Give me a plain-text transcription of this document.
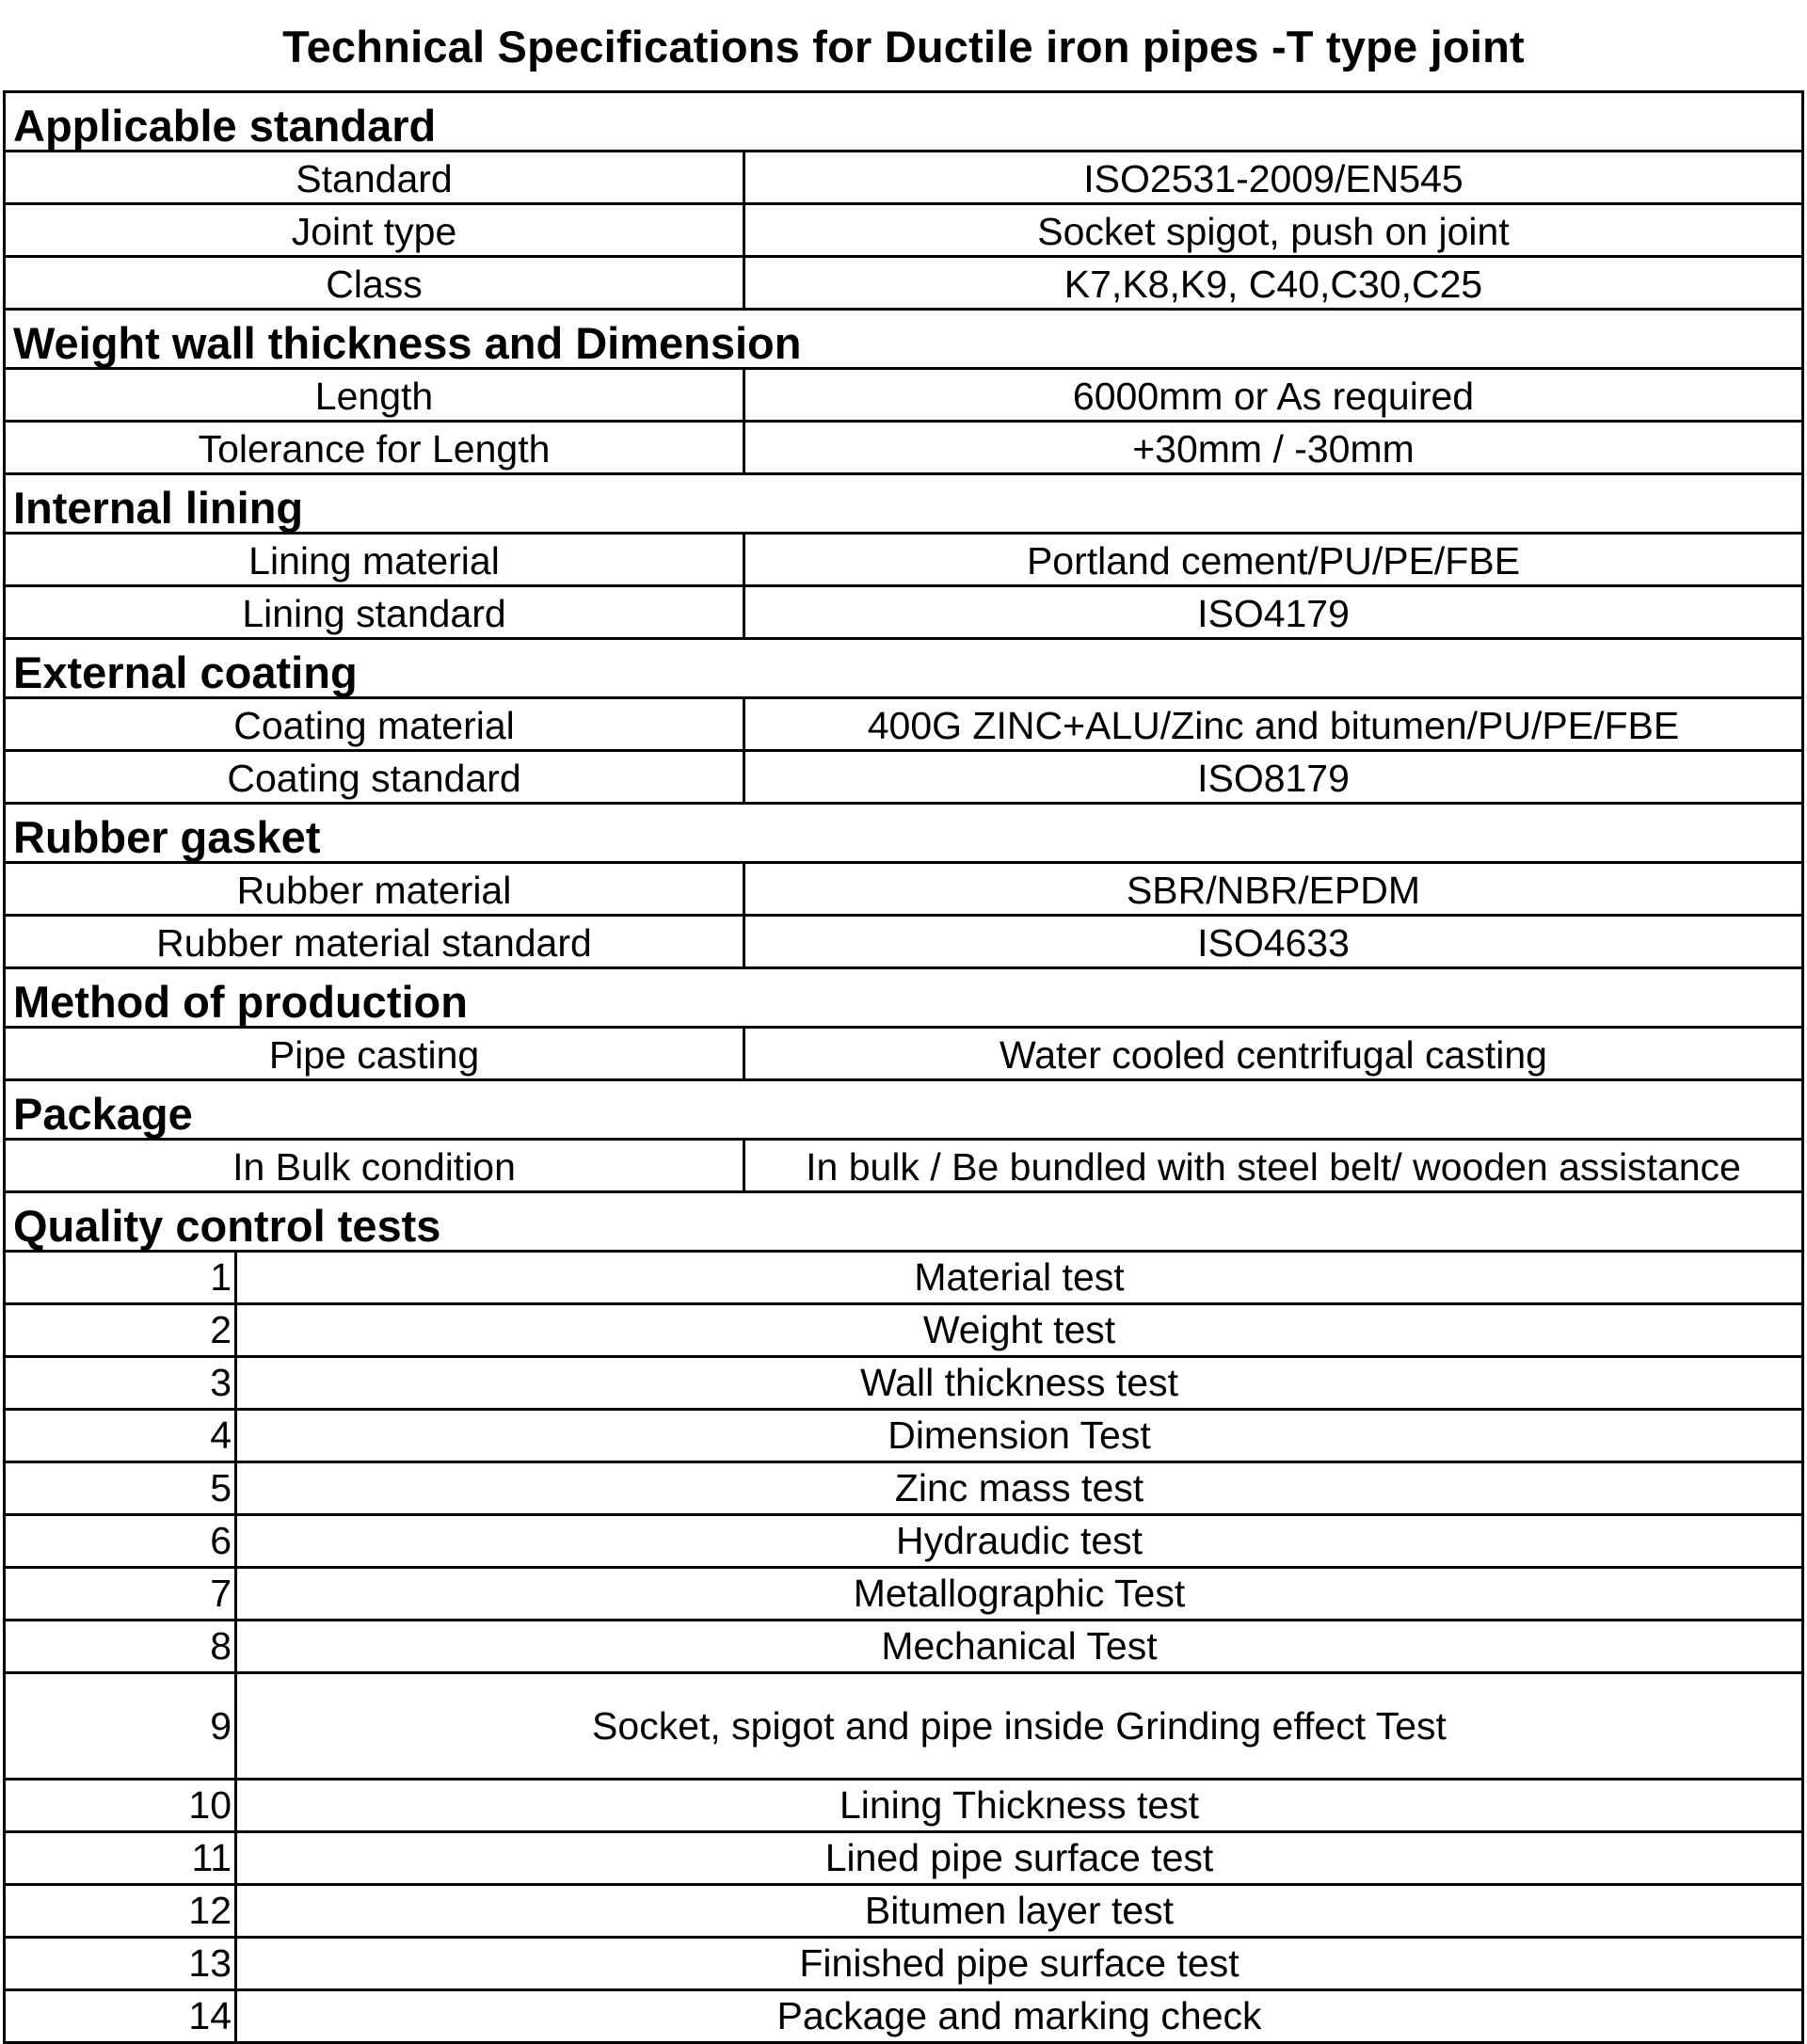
Technical Specifications for Ductile iron pipes -T type joint
Applicable standard
Standard	ISO2531-2009/EN545
Joint type	Socket spigot, push on joint
Class	K7,K8,K9, C40,C30,C25
Weight wall thickness and Dimension
Length	6000mm or As required
Tolerance for Length	+30mm / -30mm
Internal lining
Lining material	Portland cement/PU/PE/FBE
Lining standard	ISO4179
External coating
Coating material	400G ZINC+ALU/Zinc and bitumen/PU/PE/FBE
Coating standard	ISO8179
Rubber gasket
Rubber material	SBR/NBR/EPDM
Rubber material standard	ISO4633
Method of production
Pipe casting	Water cooled centrifugal casting
Package
In Bulk condition	In bulk / Be bundled with steel belt/ wooden assistance
Quality control tests
1	Material test
2	Weight test
3	Wall thickness test
4	Dimension Test
5	Zinc mass test
6	Hydraudic test
7	Metallographic Test
8	Mechanical Test
9	Socket, spigot and pipe inside Grinding effect Test
10	Lining Thickness test
11	Lined pipe surface test
12	Bitumen layer test
13	Finished pipe surface test
14	Package and marking check
